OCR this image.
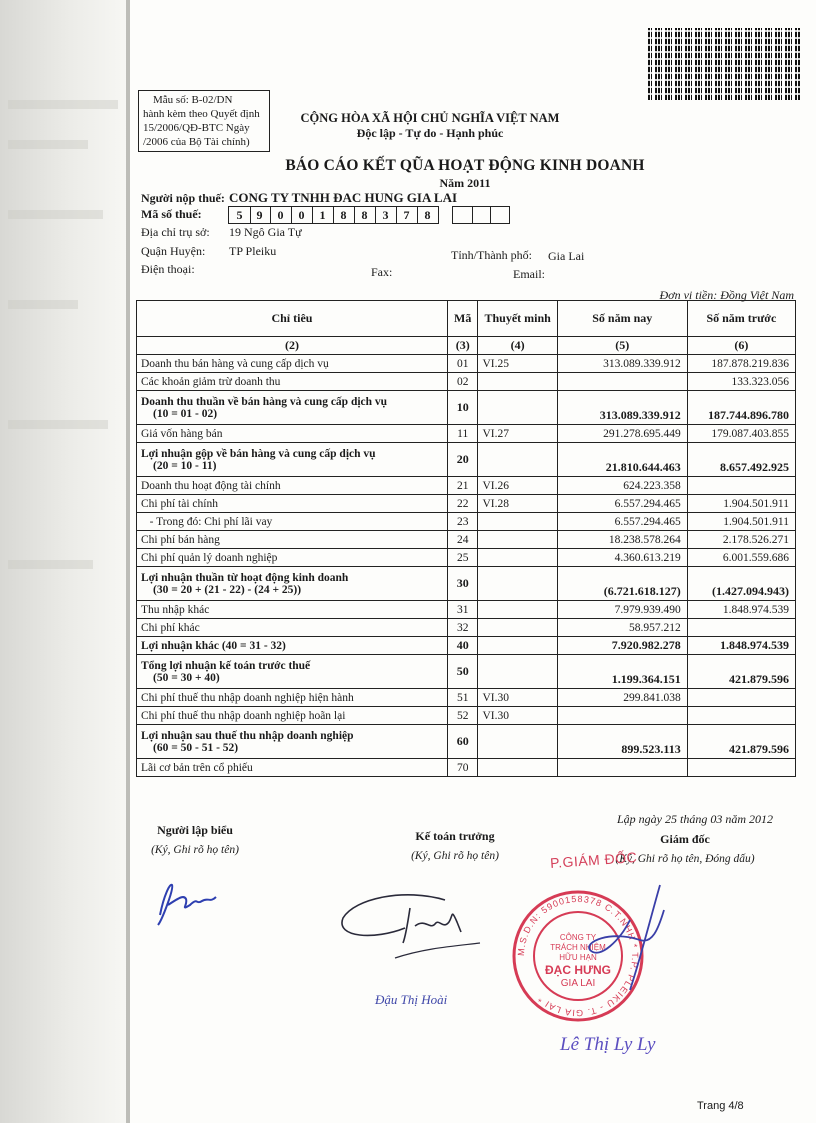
Mẫu số: B-02/DN
hành kèm theo Quyết định
15/2006/QĐ-BTC Ngày
/2006 của Bộ Tài chính)
CỘNG HÒA XÃ HỘI CHỦ NGHĨA VIỆT NAM
Độc lập - Tự do - Hạnh phúc
BÁO CÁO KẾT QŨA HOẠT ĐỘNG KINH DOANH
Năm 2011
Người nộp thuế: CONG TY TNHH ĐAC HUNG GIA LAI
Mã số thuế:	5	9	0	0	1	8	8	3	7	8
Địa chỉ trụ sở: 19 Ngô Gia Tự
Quận Huyện: TP Pleiku	Tỉnh/Thành phố: Gia Lai
Điện thoại:	Fax:	Email:
Đơn vị tiền: Đồng Việt Nam
Chỉ tiêu	Mã	Thuyết minh	Số năm nay	Số năm trước
(2)	(3)	(4)	(5)	(6)

Doanh thu bán hàng và cung cấp dịch vụ	01	VI.25	313.089.339.912	187.878.219.836

Các khoản giảm trừ doanh thu	02			133.323.056

Doanh thu thuần về bán hàng và cung cấp dịch vụ
(10 = 01 - 02)	10		313.089.339.912	187.744.896.780

Giá vốn hàng bán	11	VI.27	291.278.695.449	179.087.403.855

Lợi nhuận gộp về bán hàng và cung cấp dịch vụ
(20 = 10 - 11)	20		21.810.644.463	8.657.492.925

Doanh thu hoạt động tài chính	21	VI.26	624.223.358	

Chi phí tài chính	22	VI.28	6.557.294.465	1.904.501.911

- Trong đó: Chi phí lãi vay	23		6.557.294.465	1.904.501.911

Chi phí bán hàng	24		18.238.578.264	2.178.526.271

Chi phí quản lý doanh nghiệp	25		4.360.613.219	6.001.559.686

Lợi nhuận thuần từ hoạt động kinh doanh
(30 = 20 + (21 - 22) - (24 + 25))	30		(6.721.618.127)	(1.427.094.943)

Thu nhập khác	31		7.979.939.490	1.848.974.539

Chi phí khác	32		58.957.212	

Lợi nhuận khác (40 = 31 - 32)	40		7.920.982.278	1.848.974.539

Tổng lợi nhuận kế toán trước thuế
(50 = 30 + 40)	50		1.199.364.151	421.879.596

Chi phí thuế thu nhập doanh nghiệp hiện hành	51	VI.30	299.841.038	

Chi phí thuế thu nhập doanh nghiệp hoãn lại	52	VI.30		

Lợi nhuận sau thuế thu nhập doanh nghiệp
(60 = 50 - 51 - 52)	60		899.523.113	421.879.596

Lãi cơ bản trên cổ phiếu	70			
Lập ngày 25 tháng 03 năm 2012
Người lập biểu
(Ký, Ghi rõ họ tên)
Kế toán trưởng
(Ký, Ghi rõ họ tên)
Giám đốc
(Ký, Ghi rõ họ tên, Đóng dấu)
Đậu Thị Hoài
P.GIÁM ĐỐC
M.S.D.N: 5900158378 C.T.NHH * T.P. PLEIKU - T. GIA LAI *
CÔNG TY
TRÁCH NHIỆM
HỮU HẠN
ĐẠC HƯNG
GIA LAI
Lê Thị Ly Ly
Trang 4/8
